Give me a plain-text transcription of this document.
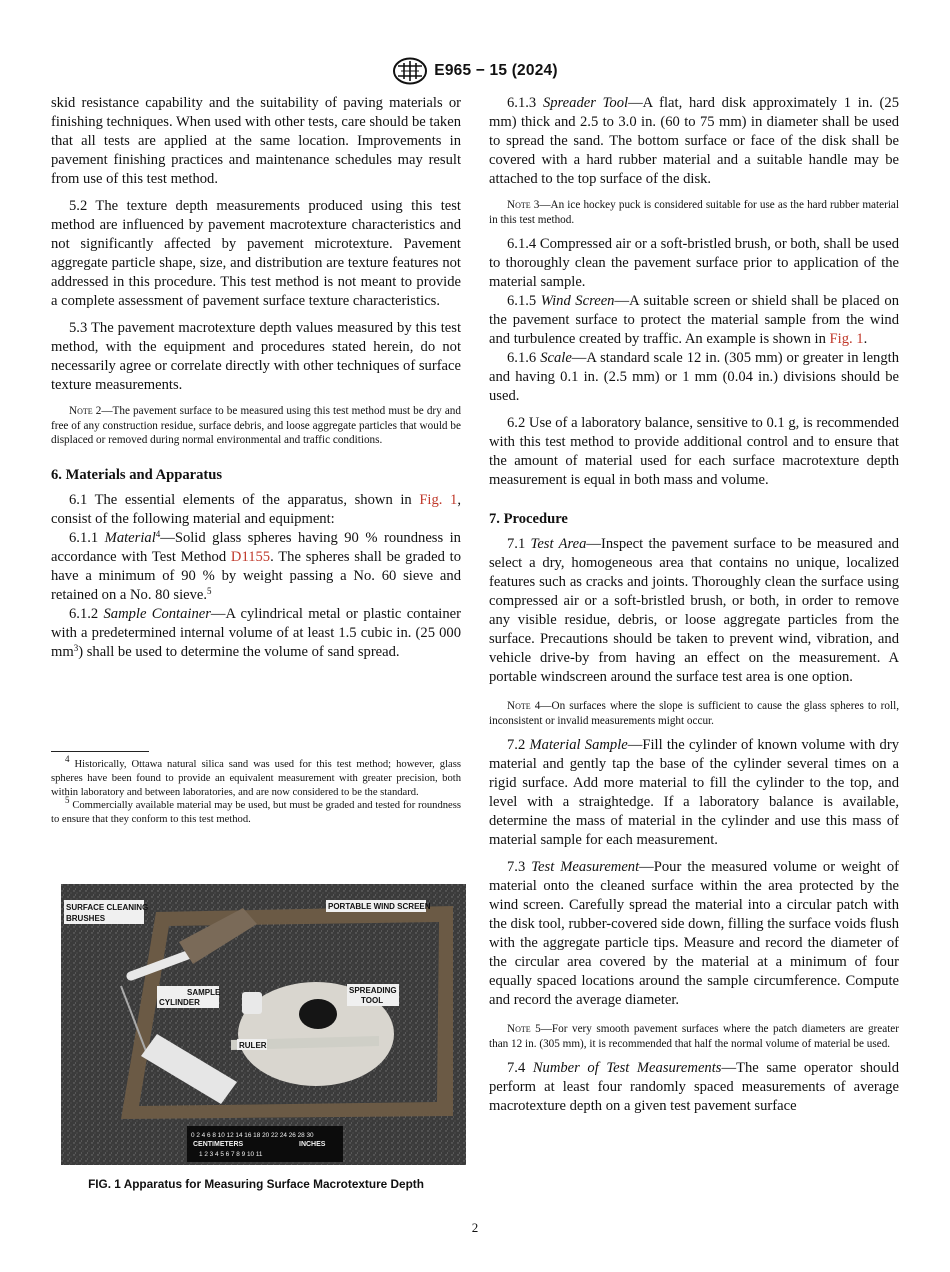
E965 − 15 (2024)

skid resistance capability and the suitability of paving materials or finishing techniques. When used with other tests, care should be taken that all tests are applied at the same location. Improvements in pavement finishing practices and maintenance schedules may result from use of this test method.

5.2 The texture depth measurements produced using this test method are influenced by pavement macrotexture characteristics and not significantly affected by pavement microtexture. Pavement aggregate particle shape, size, and distribution are texture features not addressed in this procedure. This test method is not meant to provide a complete assessment of pavement surface texture characteristics.

5.3 The pavement macrotexture depth values measured by this test method, with the equipment and procedures stated herein, do not necessarily agree or correlate directly with other techniques of surface texture measurements.

Note 2—The pavement surface to be measured using this test method must be dry and free of any construction residue, surface debris, and loose aggregate particles that would be displaced or removed during normal environmental and traffic conditions.

6. Materials and Apparatus

6.1 The essential elements of the apparatus, shown in Fig. 1, consist of the following material and equipment:

6.1.1 Material$^4$—Solid glass spheres having 90 % roundness in accordance with Test Method D1155. The spheres shall be graded to have a minimum of 90 % by weight passing a No. 60 sieve and retained on a No. 80 sieve.$^5$

6.1.2 Sample Container—A cylindrical metal or plastic container with a predetermined internal volume of at least 1.5 cubic in. (25 000 $mm^3$) shall be used to determine the volume of sand spread.

$^4$ Historically, Ottawa natural silica sand was used for this test method; however, glass spheres have been found to provide an equivalent measurement with greater precision, both within laboratory and between laboratories, and are now considered to be the standard.

$^5$ Commercially available material may be used, but must be graded and tested for roundness to ensure that they conform to this test method.

SURFACE CLEANING
BRUSHES
PORTABLE WIND SCREEN
SAMPLE
CYLINDER
SPREADING
TOOL
RULER
0 2 4 6 8 10 12 14 16 18 20 22 24 26 28 30
CENTIMETERS	INCHES
1 2 3 4 5 6 7 8 9 10 11
FIG. 1 Apparatus for Measuring Surface Macrotexture Depth

6.1.3 Spreader Tool—A flat, hard disk approximately 1 in. (25 mm) thick and 2.5 to 3.0 in. (60 to 75 mm) in diameter shall be used to spread the sand. The bottom surface or face of the disk shall be covered with a hard rubber material and a suitable handle may be attached to the top surface of the disk.

Note 3—An ice hockey puck is considered suitable for use as the hard rubber material in this test method.

6.1.4 Compressed air or a soft-bristled brush, or both, shall be used to thoroughly clean the pavement surface prior to application of the material sample.

6.1.5 Wind Screen—A suitable screen or shield shall be placed on the pavement surface to protect the material sample from the wind and turbulence created by traffic. An example is shown in Fig. 1.

6.1.6 Scale—A standard scale 12 in. (305 mm) or greater in length and having 0.1 in. (2.5 mm) or 1 mm (0.04 in.) divisions should be used.

6.2 Use of a laboratory balance, sensitive to 0.1 g, is recommended with this test method to provide additional control and to ensure that the amount of material used for each surface macrotexture depth measurement is equal in both mass and volume.

7. Procedure

7.1 Test Area—Inspect the pavement surface to be measured and select a dry, homogeneous area that contains no unique, localized features such as cracks and joints. Thoroughly clean the surface using compressed air or a soft-bristled brush, or both, in order to remove any visible residue, debris, or loose aggregate particles from the surface. Precautions should be taken to prevent wind, vibration, and vehicle drive-by from having an effect on the measurement. A portable windscreen around the surface test area is one option.

Note 4—On surfaces where the slope is sufficient to cause the glass spheres to roll, inconsistent or invalid measurements might occur.

7.2 Material Sample—Fill the cylinder of known volume with dry material and gently tap the base of the cylinder several times on a rigid surface. Add more material to fill the cylinder to the top, and level with a straightedge. If a laboratory balance is available, determine the mass of material in the cylinder and use this mass of material sample for each measurement.

7.3 Test Measurement—Pour the measured volume or weight of material onto the cleaned surface within the area protected by the wind screen. Carefully spread the material into a circular patch with the disk tool, rubber-covered side down, filling the surface voids flush with the aggregate particle tips. Measure and record the diameter of the circular area covered by the material at a minimum of four equally spaced locations around the sample circumference. Compute and record the average diameter.

Note 5—For very smooth pavement surfaces where the patch diameters are greater than 12 in. (305 mm), it is recommended that half the normal volume of material be used.

7.4 Number of Test Measurements—The same operator should perform at least four randomly spaced measurements of average macrotexture depth on a given test pavement surface

2
